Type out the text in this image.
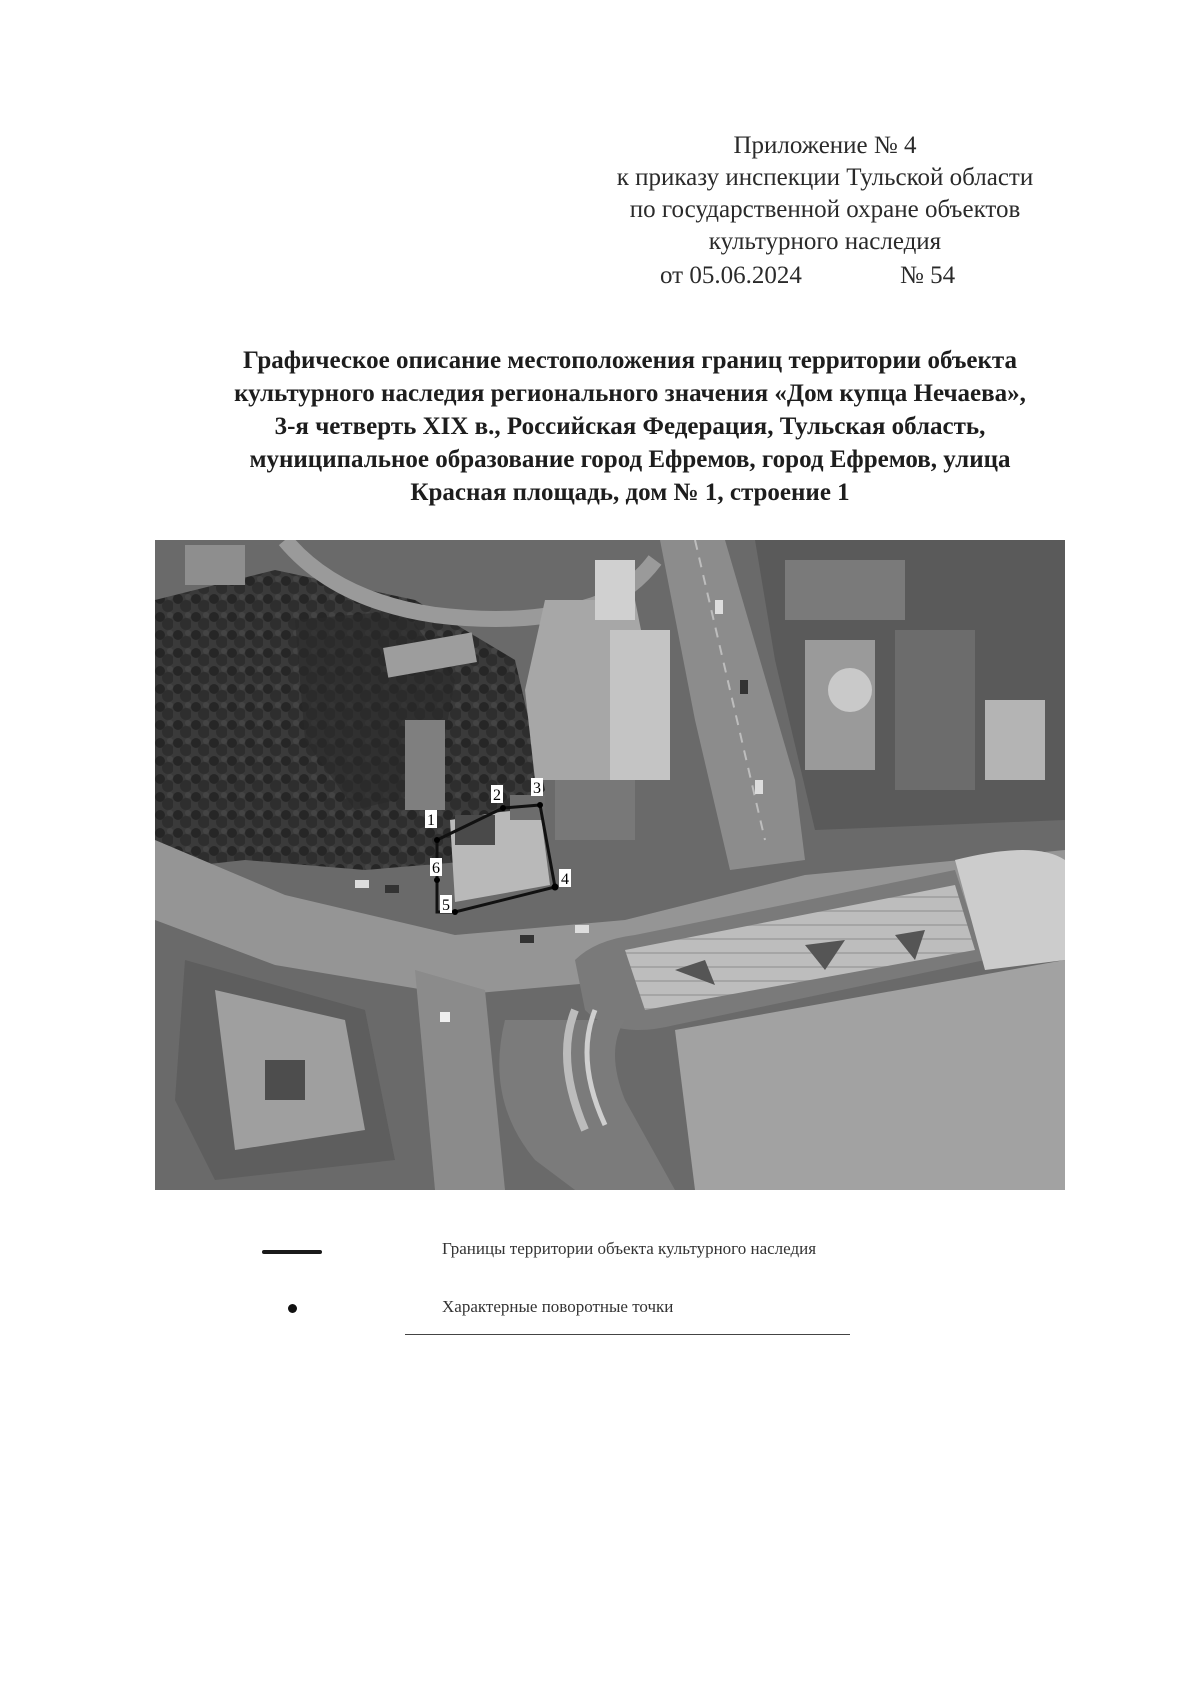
Приложение № 4
к приказу инспекции Тульской области
по государственной охране объектов
культурного наследия
от 05.06.2024	№ 54
Графическое описание местоположения границ территории объекта
культурного наследия регионального значения «Дом купца Нечаева»,
3-я четверть XIX в., Российская Федерация, Тульская область,
муниципальное образование город Ефремов, город Ефремов, улица
Красная площадь, дом № 1, строение 1
1
2 3
4
5
6
Границы территории объекта культурного наследия
Характерные поворотные точки
